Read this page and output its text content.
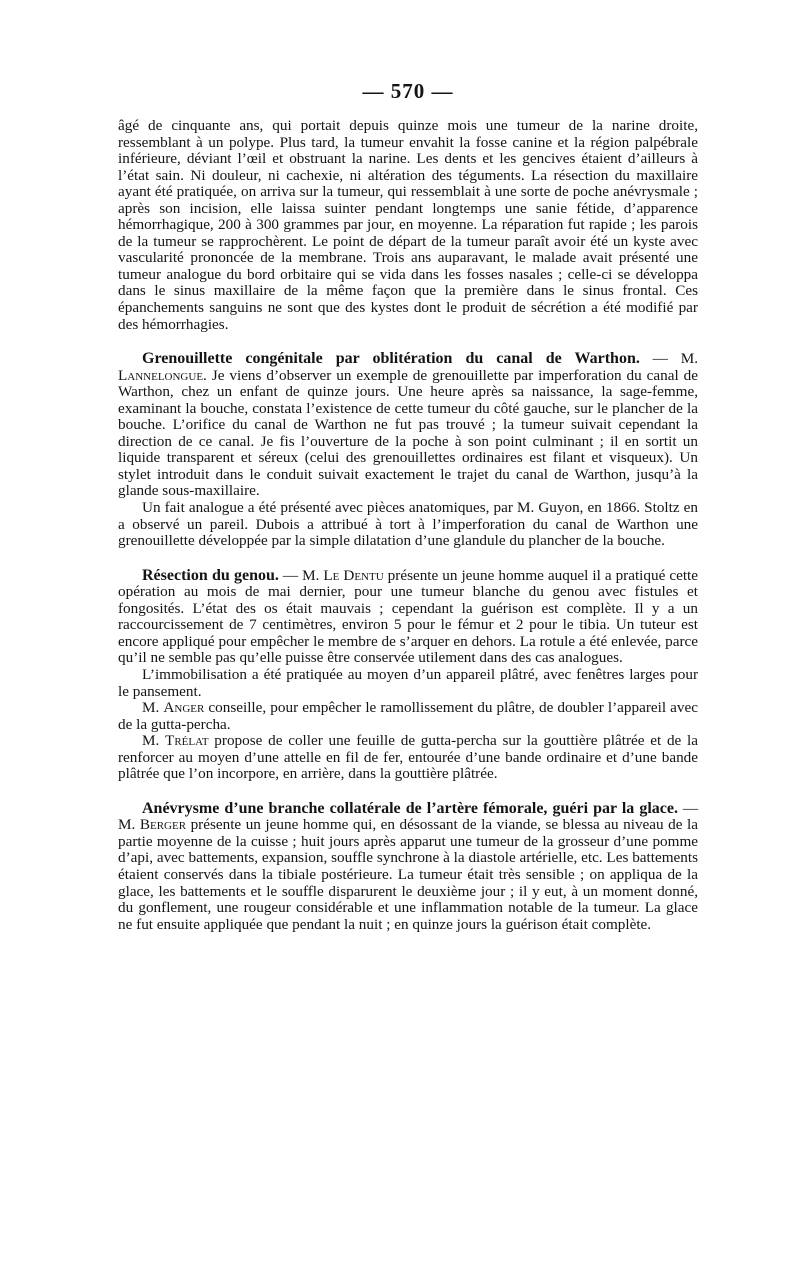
— 570 —

âgé de cinquante ans, qui portait depuis quinze mois une tumeur de la narine droite, ressemblant à un polype. Plus tard, la tumeur envahit la fosse canine et la région palpébrale inférieure, déviant l’œil et obstruant la narine. Les dents et les gencives étaient d’ailleurs à l’état sain. Ni douleur, ni cachexie, ni altération des téguments. La résection du maxillaire ayant été pratiquée, on arriva sur la tumeur, qui ressemblait à une sorte de poche anévrysmale ; après son incision, elle laissa suinter pendant longtemps une sanie fétide, d’apparence hémorrhagique, 200 à 300 grammes par jour, en moyenne. La réparation fut rapide ; les parois de la tumeur se rapprochèrent. Le point de départ de la tumeur paraît avoir été un kyste avec vascularité prononcée de la membrane. Trois ans auparavant, le malade avait présenté une tumeur analogue du bord orbitaire qui se vida dans les fosses nasales ; celle-ci se développa dans le sinus maxillaire de la même façon que la première dans le sinus frontal. Ces épanchements sanguins ne sont que des kystes dont le produit de sécrétion a été modifié par des hémorrhagies.

Grenouillette congénitale par oblitération du canal de Warthon. — M. Lannelongue. Je viens d’observer un exemple de grenouillette par imperforation du canal de Warthon, chez un enfant de quinze jours. Une heure après sa naissance, la sage-femme, examinant la bouche, constata l’existence de cette tumeur du côté gauche, sur le plancher de la bouche. L’orifice du canal de Warthon ne fut pas trouvé ; la tumeur suivait cependant la direction de ce canal. Je fis l’ouverture de la poche à son point culminant ; il en sortit un liquide transparent et séreux (celui des grenouillettes ordinaires est filant et visqueux). Un stylet introduit dans le conduit suivait exactement le trajet du canal de Warthon, jusqu’à la glande sous-maxillaire.

Un fait analogue a été présenté avec pièces anatomiques, par M. Guyon, en 1866. Stoltz en a observé un pareil. Dubois a attribué à tort à l’imperforation du canal de Warthon une grenouillette développée par la simple dilatation d’une glandule du plancher de la bouche.

Résection du genou. — M. Le Dentu présente un jeune homme auquel il a pratiqué cette opération au mois de mai dernier, pour une tumeur blanche du genou avec fistules et fongosités. L’état des os était mauvais ; cependant la guérison est complète. Il y a un raccourcissement de 7 centimètres, environ 5 pour le fémur et 2 pour le tibia. Un tuteur est encore appliqué pour empêcher le membre de s’arquer en dehors. La rotule a été enlevée, parce qu’il ne semble pas qu’elle puisse être conservée utilement dans des cas analogues.

L’immobilisation a été pratiquée au moyen d’un appareil plâtré, avec fenêtres larges pour le pansement.

M. Anger conseille, pour empêcher le ramollissement du plâtre, de doubler l’appareil avec de la gutta-percha.

M. Trélat propose de coller une feuille de gutta-percha sur la gouttière plâtrée et de la renforcer au moyen d’une attelle en fil de fer, entourée d’une bande ordinaire et d’une bande plâtrée que l’on incorpore, en arrière, dans la gouttière plâtrée.

Anévrysme d’une branche collatérale de l’artère fémorale, guéri par la glace. — M. Berger présente un jeune homme qui, en désossant de la viande, se blessa au niveau de la partie moyenne de la cuisse ; huit jours après apparut une tumeur de la grosseur d’une pomme d’api, avec battements, expansion, souffle synchrone à la diastole artérielle, etc. Les battements étaient conservés dans la tibiale postérieure. La tumeur était très sensible ; on appliqua de la glace, les battements et le souffle disparurent le deuxième jour ; il y eut, à un moment donné, du gonflement, une rougeur considérable et une inflammation notable de la tumeur. La glace ne fut ensuite appliquée que pendant la nuit ; en quinze jours la guérison était complète.
